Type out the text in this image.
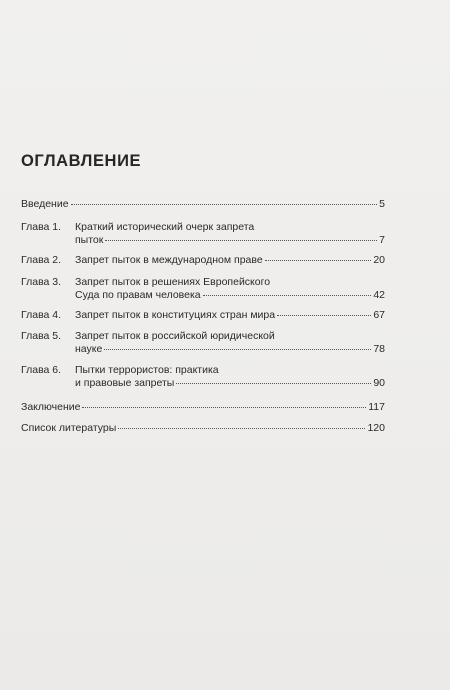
ОГЛАВЛЕНИЕ
Введение	5
Глава 1. Краткий исторический очерк запрета
пыток	7
Глава 2. Запрет пыток в международном праве	20
Глава 3. Запрет пыток в решениях Европейского
Суда по правам человека	42
Глава 4. Запрет пыток в конституциях стран мира	67
Глава 5. Запрет пыток в российской юридической
науке	78
Глава 6. Пытки террористов: практика
и правовые запреты	90
Заключение	117
Список литературы	120
